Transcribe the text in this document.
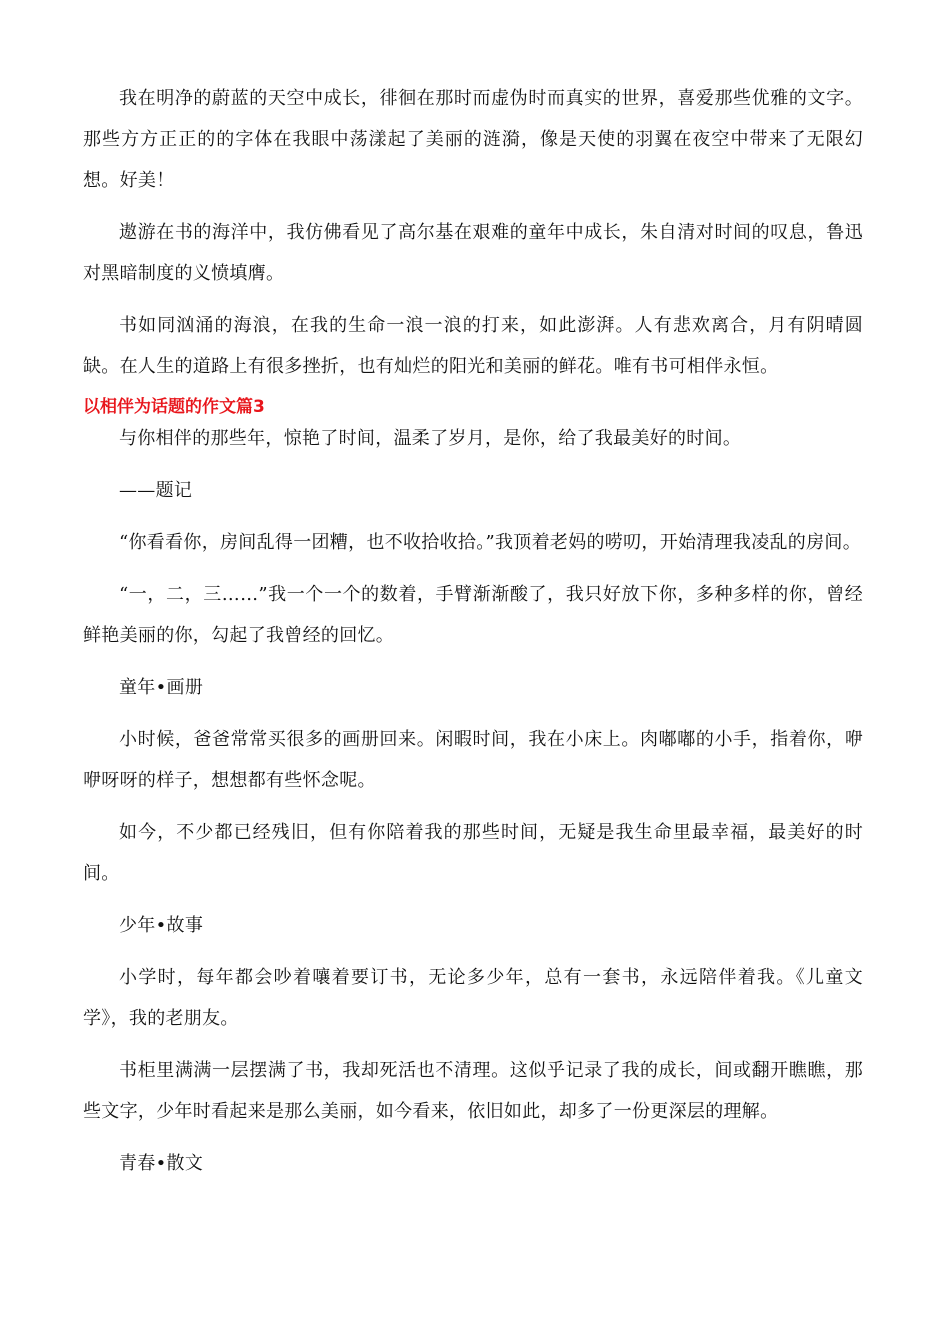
我在明净的蔚蓝的天空中成长，徘徊在那时而虚伪时而真实的世界，喜爱那些优雅的文字。那些方方正正的的字体在我眼中荡漾起了美丽的涟漪，像是天使的羽翼在夜空中带来了无限幻想。好美！

遨游在书的海洋中，我仿佛看见了高尔基在艰难的童年中成长，朱自清对时间的叹息，鲁迅对黑暗制度的义愤填膺。

书如同汹涌的海浪，在我的生命一浪一浪的打来，如此澎湃。人有悲欢离合，月有阴晴圆缺。在人生的道路上有很多挫折，也有灿烂的阳光和美丽的鲜花。唯有书可相伴永恒。

以相伴为话题的作文篇3

与你相伴的那些年，惊艳了时间，温柔了岁月，是你，给了我最美好的时间。

——题记

“你看看你，房间乱得一团糟，也不收拾收拾。”我顶着老妈的唠叨，开始清理我凌乱的房间。

“一，二，三……”我一个一个的数着，手臂渐渐酸了，我只好放下你，多种多样的你，曾经鲜艳美丽的你，勾起了我曾经的回忆。

童年•画册

小时候，爸爸常常买很多的画册回来。闲暇时间，我在小床上。肉嘟嘟的小手，指着你，咿咿呀呀的样子，想想都有些怀念呢。

如今，不少都已经残旧，但有你陪着我的那些时间，无疑是我生命里最幸福，最美好的时间。

少年•故事

小学时，每年都会吵着嚷着要订书，无论多少年，总有一套书，永远陪伴着我。《儿童文学》，我的老朋友。

书柜里满满一层摆满了书，我却死活也不清理。这似乎记录了我的成长，间或翻开瞧瞧，那些文字，少年时看起来是那么美丽，如今看来，依旧如此，却多了一份更深层的理解。

青春•散文
